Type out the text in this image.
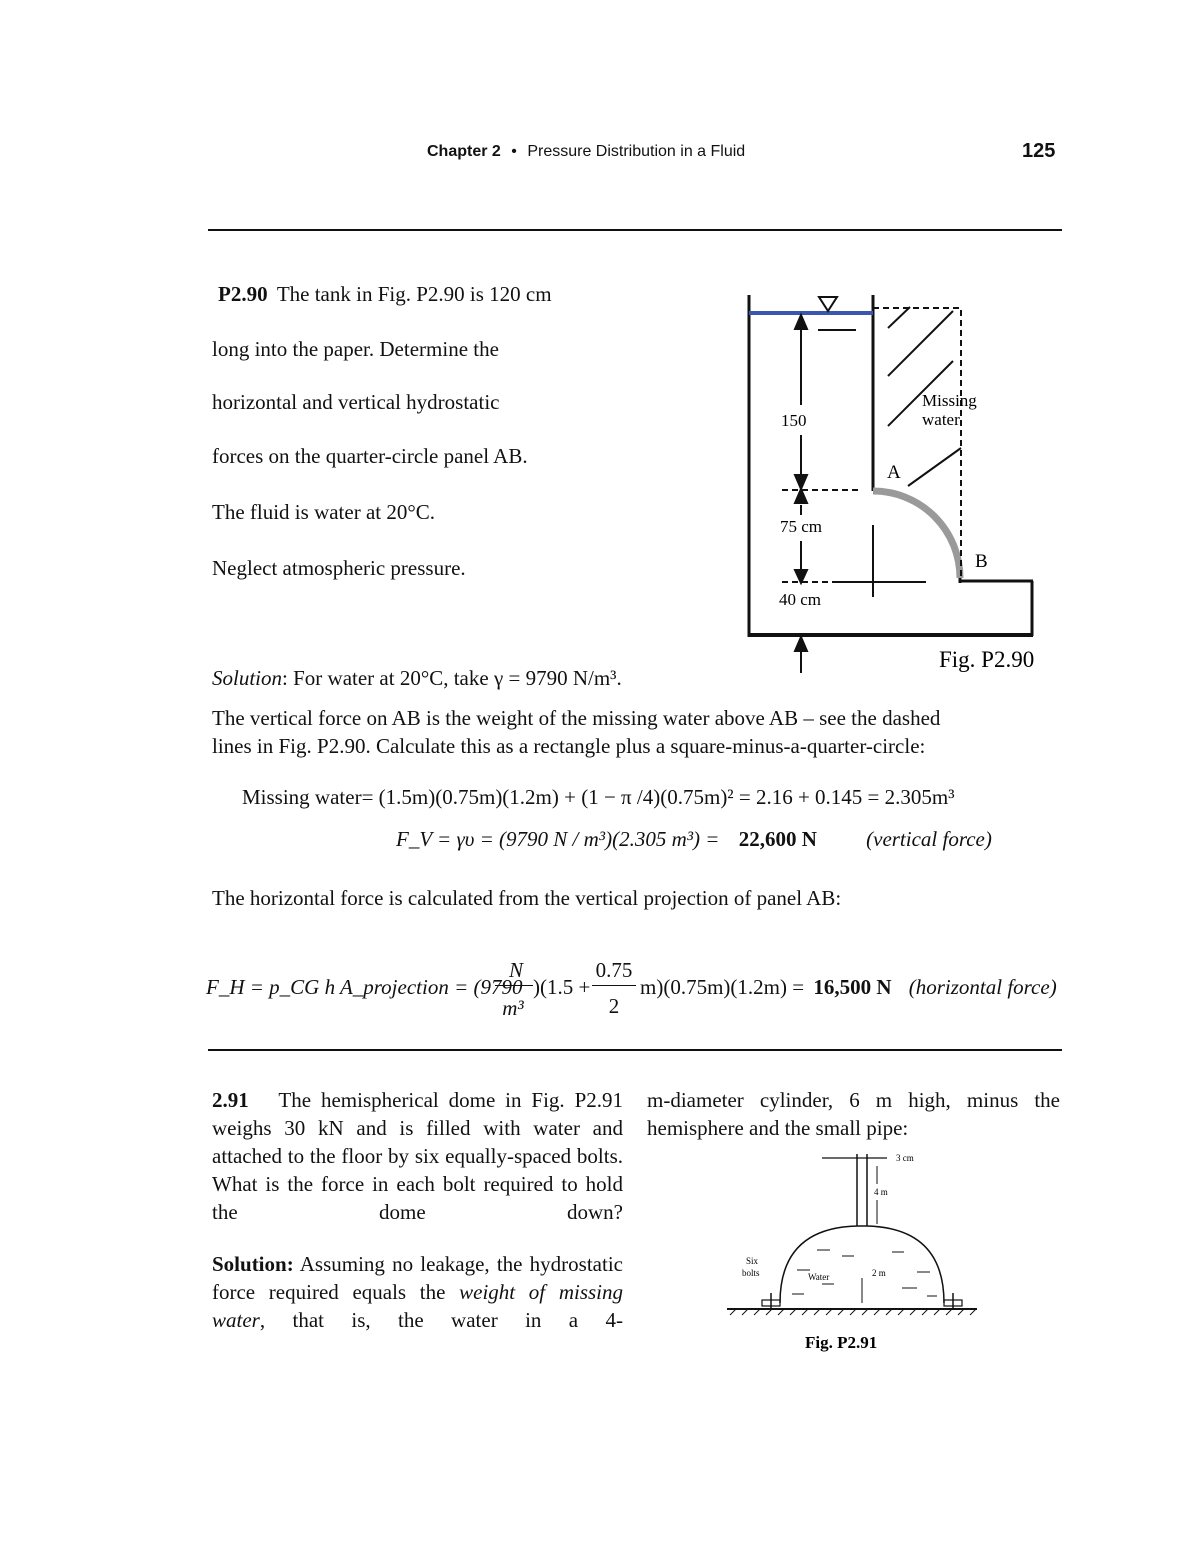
Chapter 2 • Pressure Distribution in a Fluid	125
P2.90 The tank in Fig. P2.90 is 120 cm
long into the paper. Determine the
horizontal and vertical hydrostatic
forces on the quarter-circle panel AB.
The fluid is water at 20°C.
Neglect atmospheric pressure.
150
75 cm
40 cm
Missing
water
A
B
Fig. P2.90
Solution: For water at 20°C, take γ = 9790 N/m³.
The vertical force on AB is the weight of the missing water above AB – see the dashed
lines in Fig. P2.90. Calculate this as a rectangle plus a square-minus-a-quarter-circle:
Missing water= (1.5m)(0.75m)(1.2m) + (1 − π /4)(0.75m)² = 2.16 + 0.145 = 2.305m³
F_V = γυ = (9790 N / m³)(2.305 m³) = 22,600 N (vertical force)
The horizontal force is calculated from the vertical projection of panel AB:
F_H = p_CG h A_projection = (9790
N
m³
)(1.5 +
0.75
2
m)(0.75m)(1.2m) = 16,500 N (horizontal force)
2.91 The hemispherical dome in Fig. P2.91 weighs 30 kN and is filled with water and attached to the floor by six equally-spaced bolts. What is the force in each bolt required to hold the dome down?
Solution: Assuming no leakage, the hydrostatic force required equals the weight of missing water, that is, the water in a 4-
m-diameter cylinder, 6 m high, minus the hemisphere and the small pipe:
3 cm
4 m
Water	2 m
Six
bolts
Fig. P2.91
